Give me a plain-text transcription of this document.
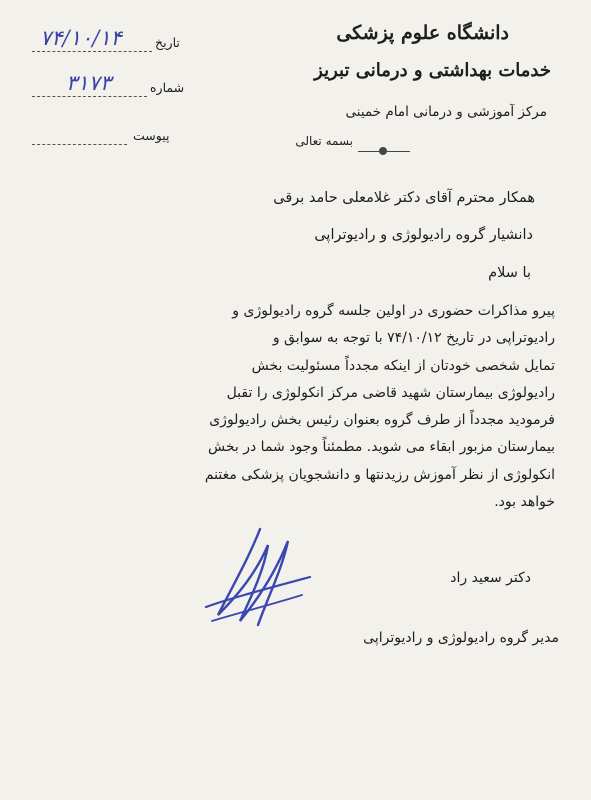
دانشگاه علوم پزشکی
خدمات بهداشتی و درمانی تبریز
مرکز آموزشی و درمانی امام خمینی
بسمه تعالی
تاریخ
۷۴/۱۰/۱۴
شماره
۳۱۷۳
پیوست
همکار محترم آقای دکتر غلامعلی حامد برقی
دانشیار گروه رادیولوژی و رادیوتراپی
با سلام
پیرو مذاکرات حضوری در اولین جلسه گروه رادیولوژی و
رادیوتراپی در تاریخ ۷۴/۱۰/۱۲ با توجه به سوابق و
تمایل شخصی خودتان از اینکه مجدداً مسئولیت بخش
رادیولوژی بیمارستان شهید قاضی مرکز انکولوژی را تقبل
فرمودید مجدداً از طرف گروه بعنوان رئیس بخش رادیولوژی
بیمارستان مزبور ابقاء می شوید. مطمئناً وجود شما در بخش
انکولوژی از نظر آموزش رزیدنتها و دانشجویان پزشکی مغتنم
خواهد بود.
دکتر سعید راد
مدیر گروه رادیولوژی و رادیوتراپی
